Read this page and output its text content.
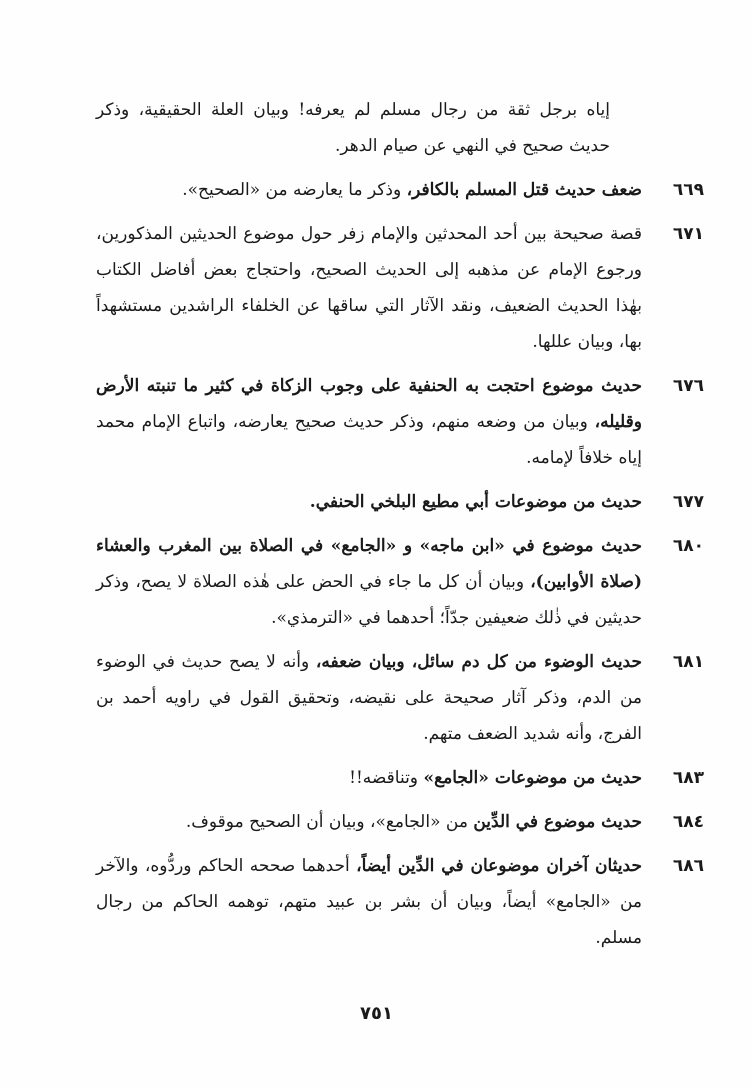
إياه برجل ثقة من رجال مسلم لم يعرفه! وبيان العلة الحقيقية، وذكر حديث صحيح في النهي عن صيام الدهر.

٦٦٩
ضعف حديث قتل المسلم بالكافر، وذكر ما يعارضه من «الصحيح».
٦٧١
قصة صحيحة بين أحد المحدثين والإمام زفر حول موضوع الحديثين المذكورين، ورجوع الإمام عن مذهبه إلى الحديث الصحيح، واحتجاج بعض أفاضل الكتاب بهٰذا الحديث الضعيف، ونقد الآثار التي ساقها عن الخلفاء الراشدين مستشهداً بها، وبيان عللها.
٦٧٦
حديث موضوع احتجت به الحنفية على وجوب الزكاة في كثير ما تنبته الأرض وقليله، وبيان من وضعه منهم، وذكر حديث صحيح يعارضه، واتباع الإمام محمد إياه خلافاً لإمامه.
٦٧٧
حديث من موضوعات أبي مطيع البلخي الحنفي.
٦٨٠
حديث موضوع في «ابن ماجه» و «الجامع» في الصلاة بين المغرب والعشاء (صلاة الأوابين)، وبيان أن كل ما جاء في الحض على هٰذه الصلاة لا يصح، وذكر حديثين في ذٰلك ضعيفين جدّاً؛ أحدهما في «الترمذي».
٦٨١
حديث الوضوء من كل دم سائل، وبيان ضعفه، وأنه لا يصح حديث في الوضوء من الدم، وذكر آثار صحيحة على نقيضه، وتحقيق القول في راويه أحمد بن الفرج، وأنه شديد الضعف متهم.
٦٨٣
حديث من موضوعات «الجامع» وتناقضه!!
٦٨٤
حديث موضوع في الدِّين من «الجامع»، وبيان أن الصحيح موقوف.
٦٨٦
حديثان آخران موضوعان في الدِّين أيضاً، أحدهما صححه الحاكم وردُّوه، والآخر من «الجامع» أيضاً، وبيان أن بشر بن عبيد متهم، توهمه الحاكم من رجال مسلم.
٧٥١
